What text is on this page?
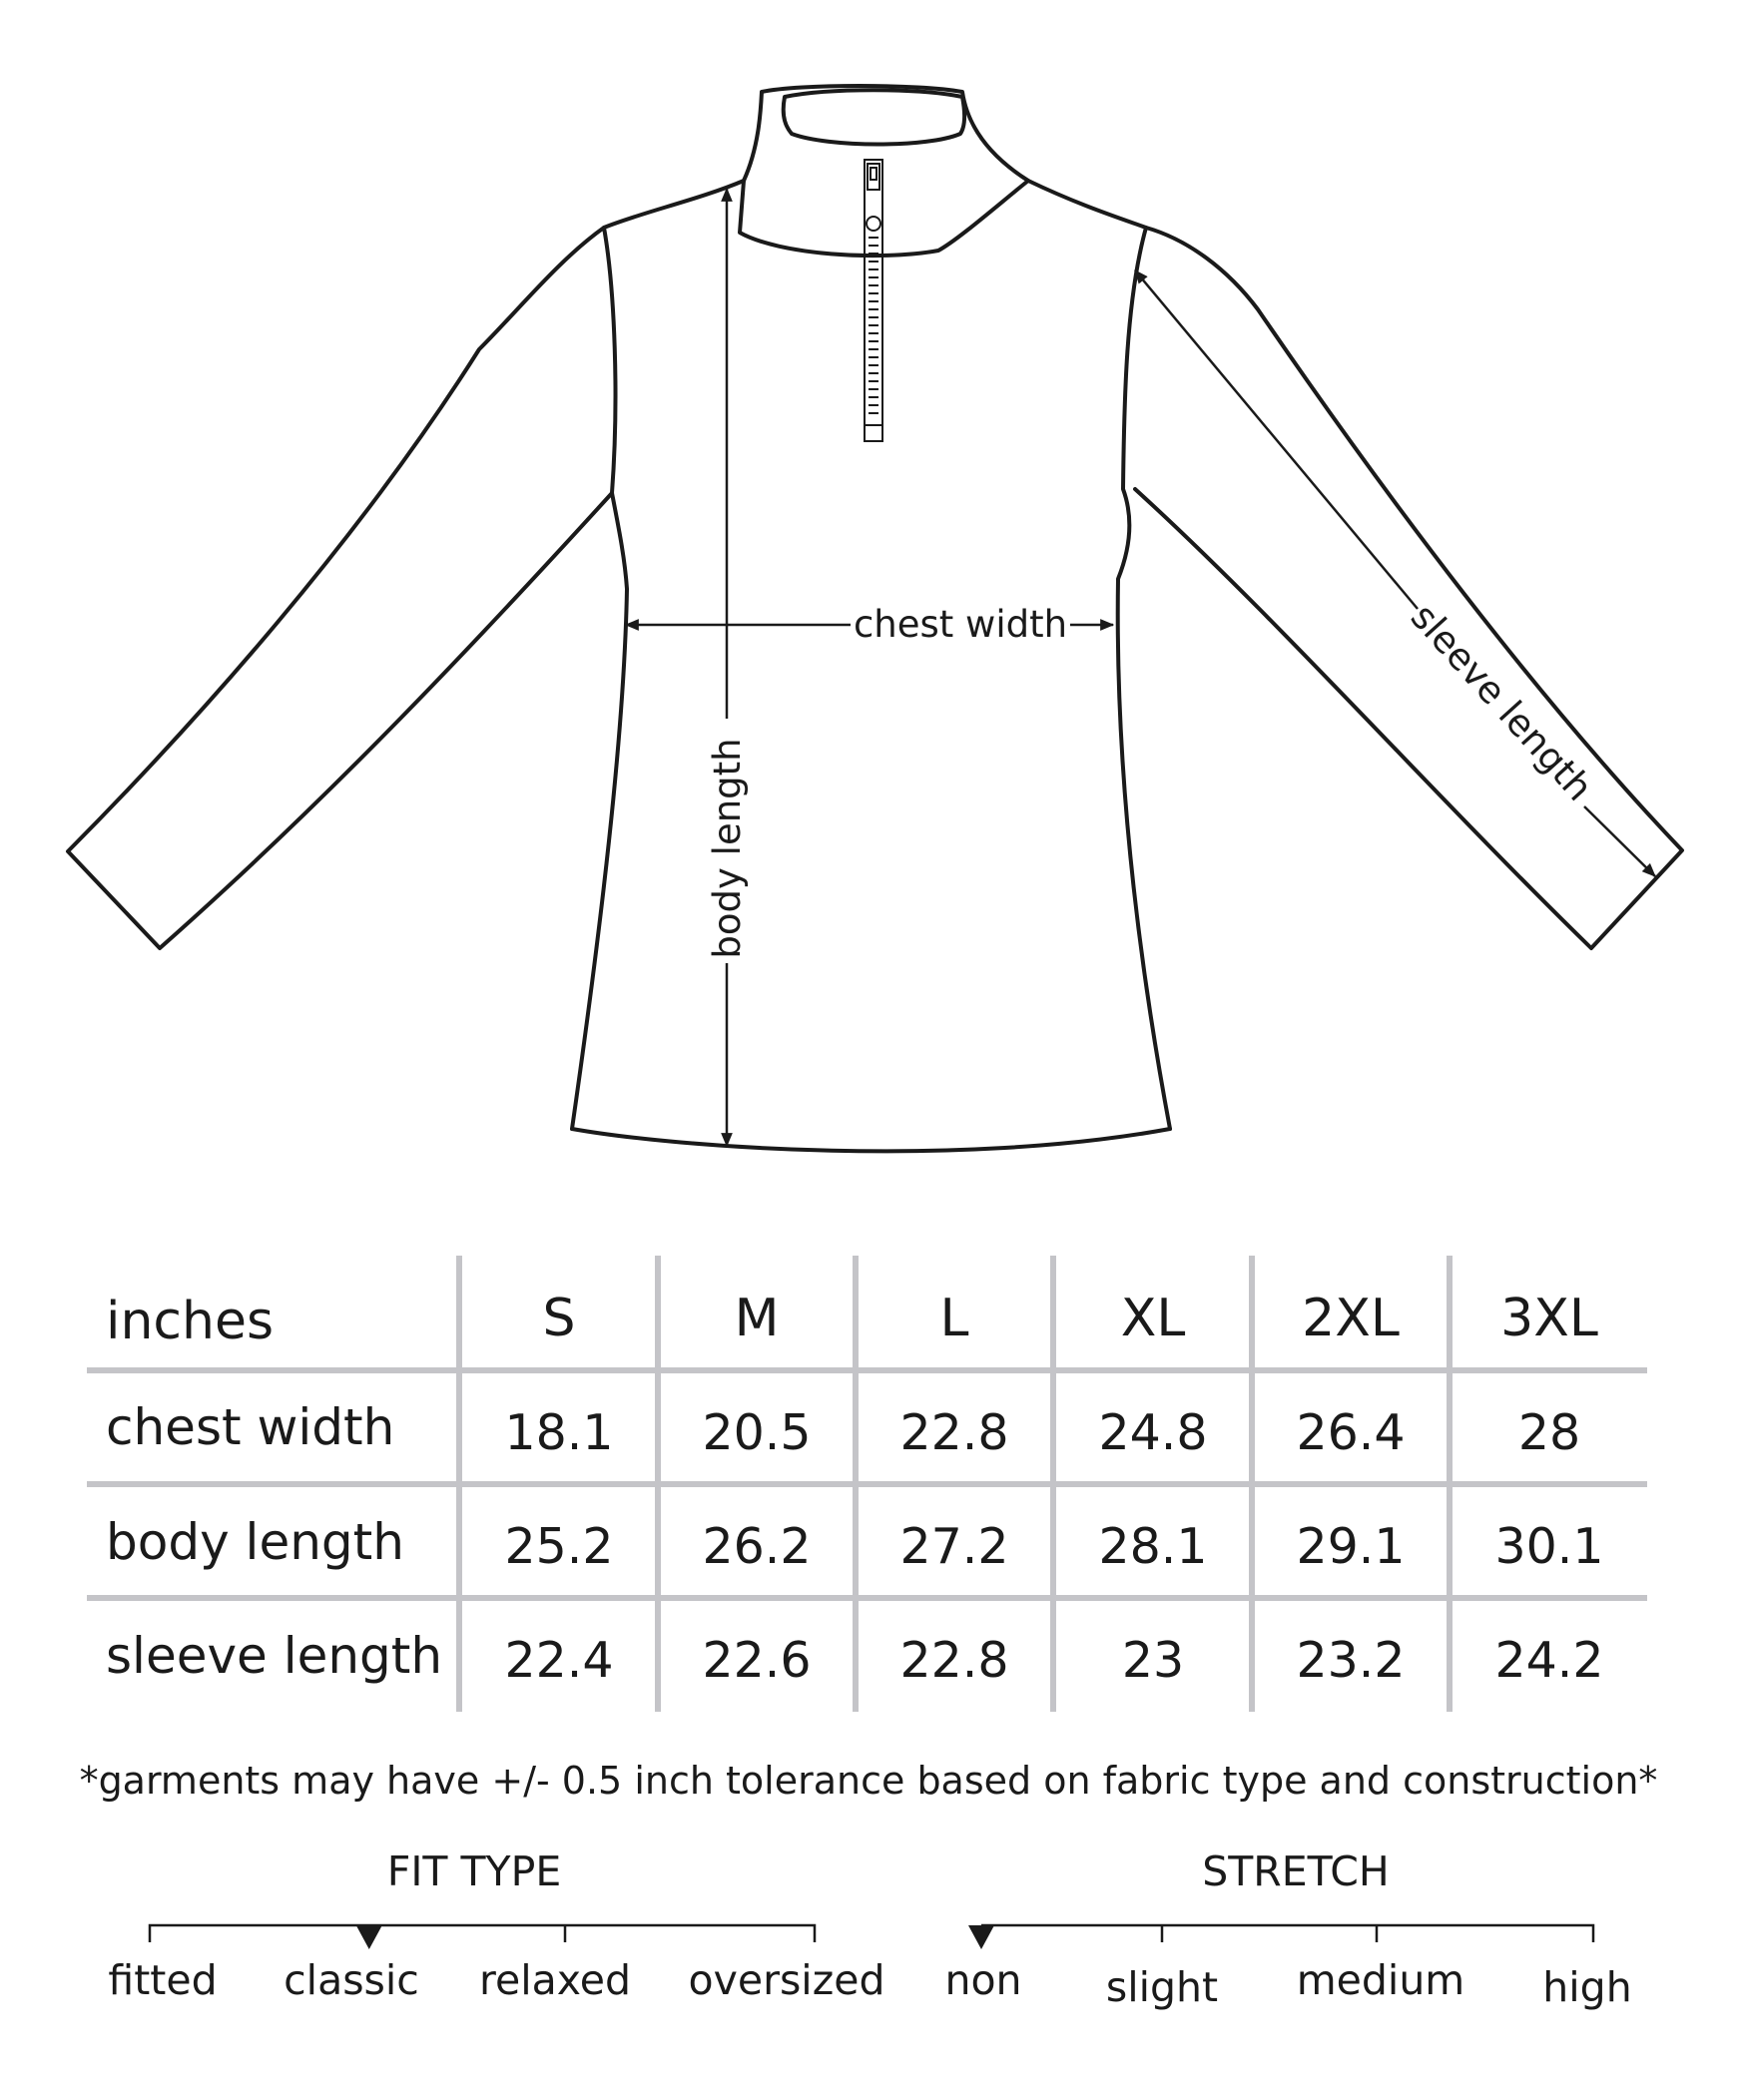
chest width
body length
sleeve length
inches	S	M	L	XL 2XL 3XL
chest width 18.1 20.5 22.8 24.8 26.4 28
body length 25.2 26.2 27.2 28.1 29.1 30.1
sleeve length 22.4 22.6 22.8 23 23.2 24.2
*garments may have +/- 0.5 inch tolerance based on fabric type and construction*
FIT TYPE
fitted classic relaxed oversized
STRETCH
non slight medium high
